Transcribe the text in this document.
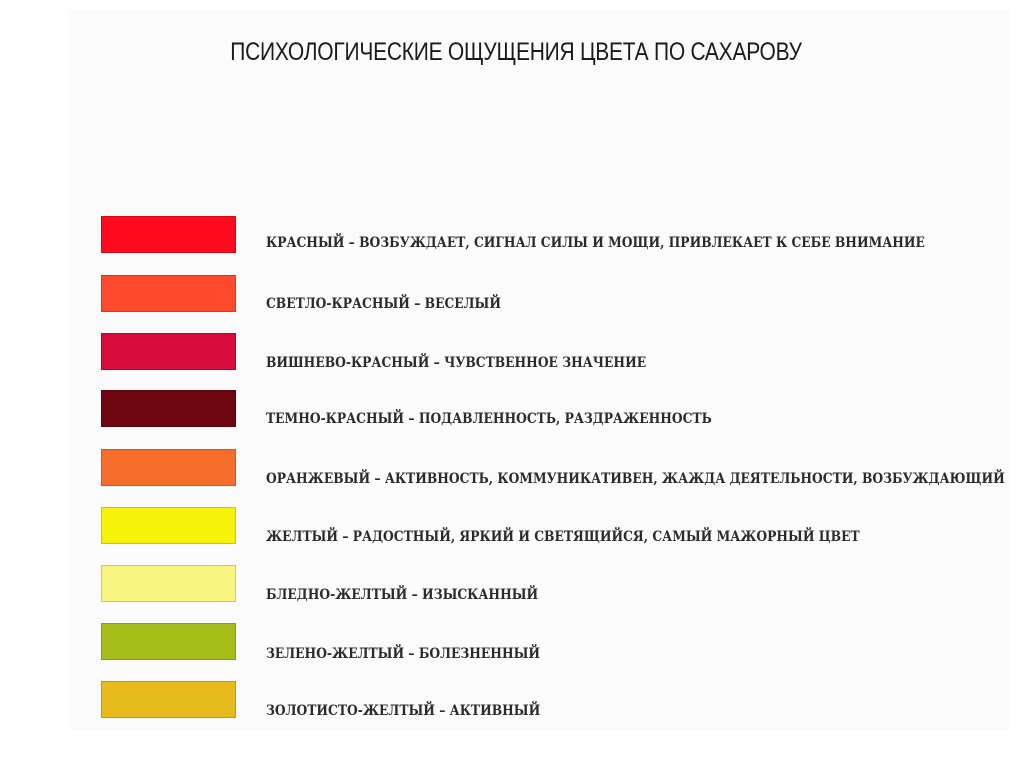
ПСИХОЛОГИЧЕСКИЕ ОЩУЩЕНИЯ ЦВЕТА ПО САХАРОВУ
КРАСНЫЙ – ВОЗБУЖДАЕТ, СИГНАЛ СИЛЫ И МОЩИ, ПРИВЛЕКАЕТ К СЕБЕ ВНИМАНИЕ
СВЕТЛО-КРАСНЫЙ – ВЕСЕЛЫЙ
ВИШНЕВО-КРАСНЫЙ – ЧУВСТВЕННОЕ ЗНАЧЕНИЕ
ТЕМНО-КРАСНЫЙ – ПОДАВЛЕННОСТЬ, РАЗДРАЖЕННОСТЬ
ОРАНЖЕВЫЙ – АКТИВНОСТЬ, КОММУНИКАТИВЕН, ЖАЖДА ДЕЯТЕЛЬНОСТИ, ВОЗБУЖДАЮЩИЙ
ЖЕЛТЫЙ – РАДОСТНЫЙ, ЯРКИЙ И СВЕТЯЩИЙСЯ, САМЫЙ МАЖОРНЫЙ ЦВЕТ
БЛЕДНО-ЖЕЛТЫЙ – ИЗЫСКАННЫЙ
ЗЕЛЕНО-ЖЕЛТЫЙ – БОЛЕЗНЕННЫЙ
ЗОЛОТИСТО-ЖЕЛТЫЙ – АКТИВНЫЙ
